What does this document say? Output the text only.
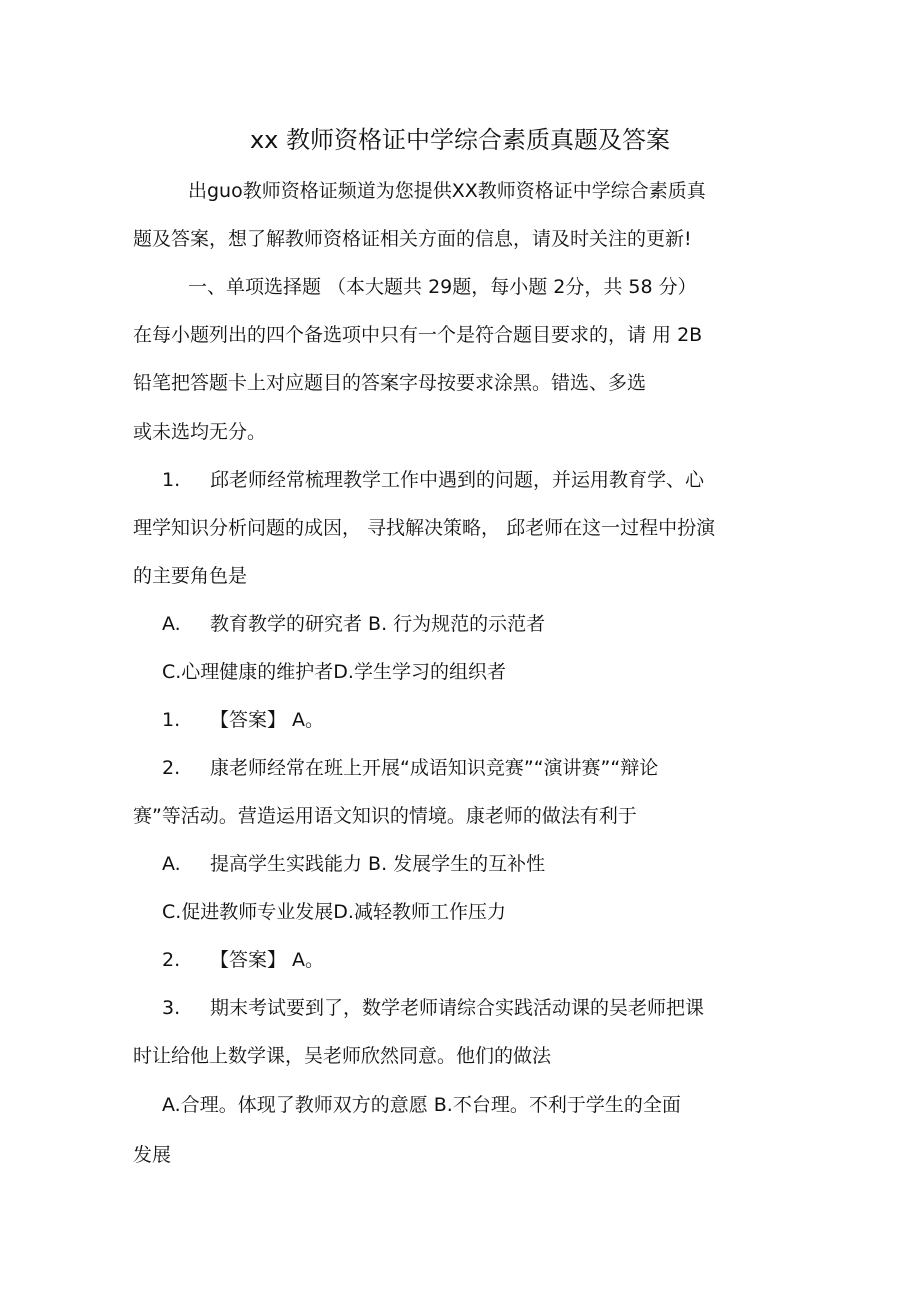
xx 教师资格证中学综合素质真题及答案
出guo教师资格证频道为您提供XX教师资格证中学综合素质真
题及答案，想了解教师资格证相关方面的信息，请及时关注的更新!
一、单项选择题 （本大题共 29题，每小题 2分，共 58 分）
在每小题列出的四个备选项中只有一个是符合题目要求的，请 用 2B
铅笔把答题卡上对应题目的答案字母按要求涂黑。错选、多选
或未选均无分。
1. 邱老师经常梳理教学工作中遇到的问题，并运用教育学、心
理学知识分析问题的成因， 寻找解决策略， 邱老师在这一过程中扮演
的主要角色是
A. 教育教学的研究者 B. 行为规范的示范者
C.心理健康的维护者D.学生学习的组织者
1. 【答案】 A。
2. 康老师经常在班上开展“成语知识竞赛”“演讲赛”“辩论
赛”等活动。营造运用语文知识的情境。康老师的做法有利于
A. 提高学生实践能力 B. 发展学生的互补性
C.促进教师专业发展D.减轻教师工作压力
2. 【答案】 A。
3. 期末考试要到了，数学老师请综合实践活动课的吴老师把课
时让给他上数学课，吴老师欣然同意。他们的做法
A.合理。体现了教师双方的意愿 B.不台理。不利于学生的全面
发展
